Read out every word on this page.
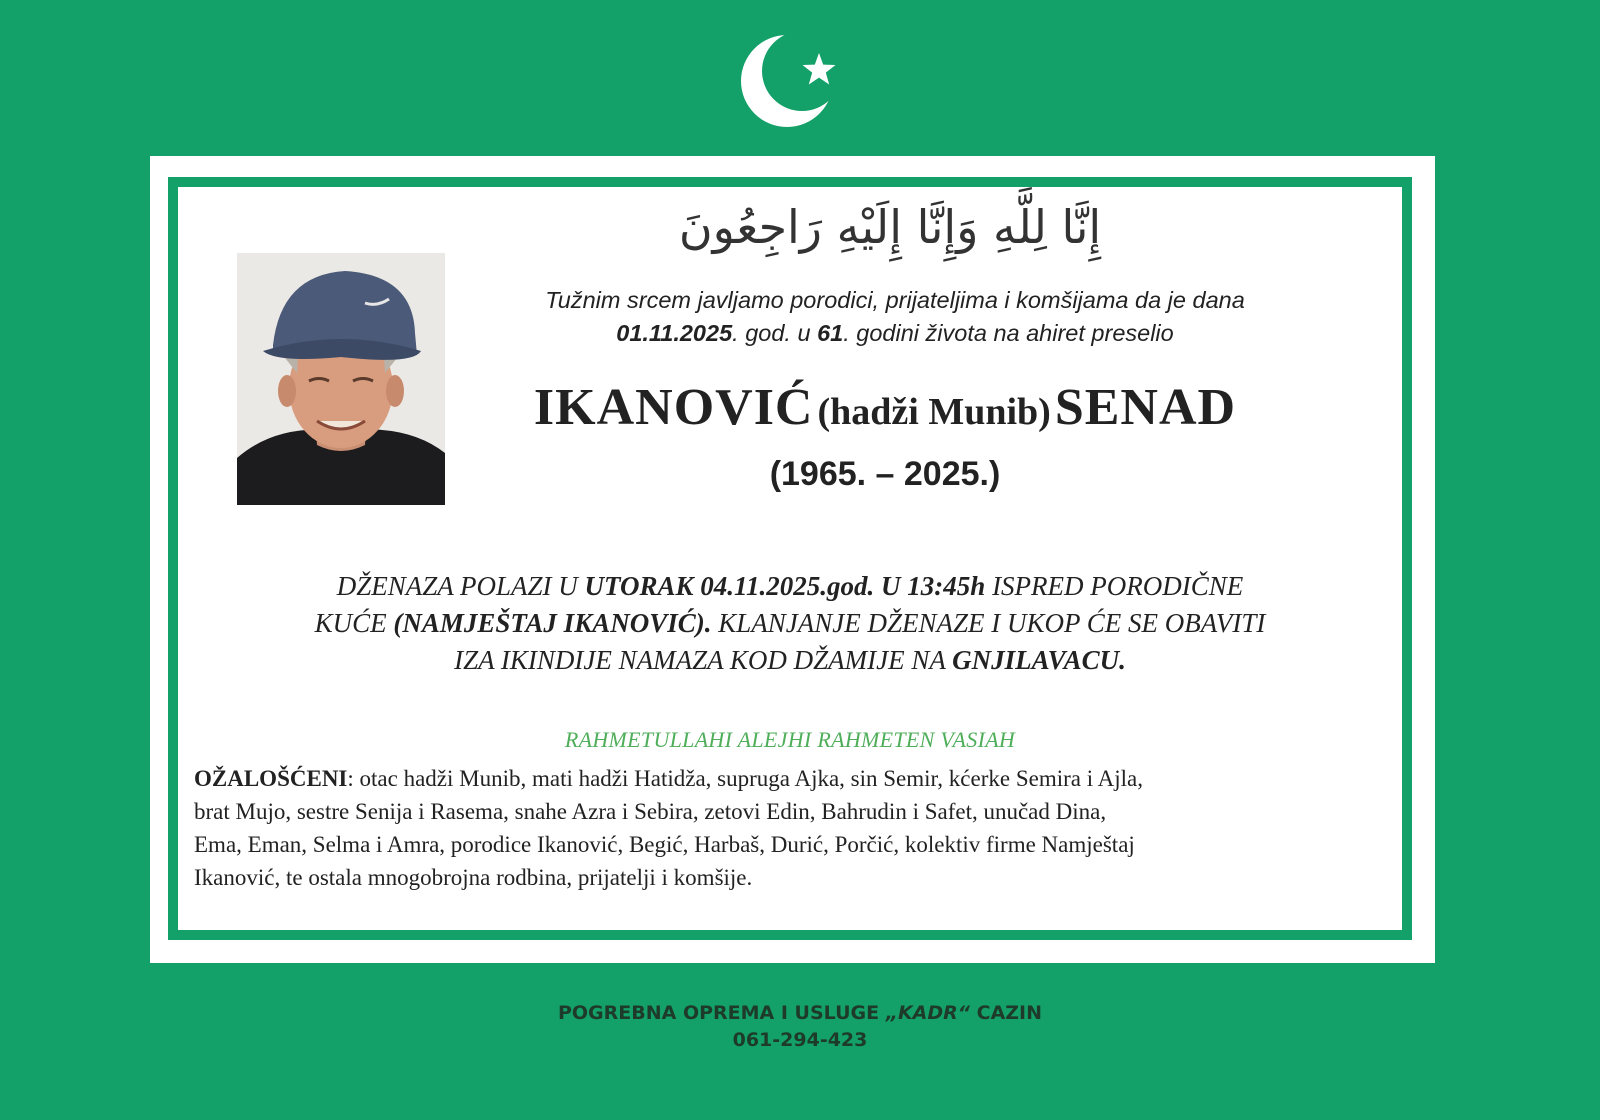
إِنَّا لِلَّهِ وَإِنَّا إِلَيْهِ رَاجِعُونَ
Tužnim srcem javljamo porodici, prijateljima i komšijama da je dana
01.11.2025. god. u 61. godini života na ahiret preselio
IKANOVIĆ (hadži Munib) SENAD
(1965. – 2025.)
DŽENAZA POLAZI U UTORAK 04.11.2025.god. U 13:45h ISPRED PORODIČNE
KUĆE (NAMJEŠTAJ IKANOVIĆ). KLANJANJE DŽENAZE I UKOP ĆE SE OBAVITI
IZA IKINDIJE NAMAZA KOD DŽAMIJE NA GNJILAVACU.
RAHMETULLAHI ALEJHI RAHMETEN VASIAH
OŽALOŠĆENI: otac hadži Munib, mati hadži Hatidža, supruga Ajka, sin Semir, kćerke Semira i Ajla,
brat Mujo, sestre Senija i Rasema, snahe Azra i Sebira, zetovi Edin, Bahrudin i Safet, unučad Dina,
Ema, Eman, Selma i Amra, porodice Ikanović, Begić, Harbaš, Durić, Porčić, kolektiv firme Namještaj
Ikanović, te ostala mnogobrojna rodbina, prijatelji i komšije.
POGREBNA OPREMA I USLUGE „KADR“ CAZIN
061-294-423
